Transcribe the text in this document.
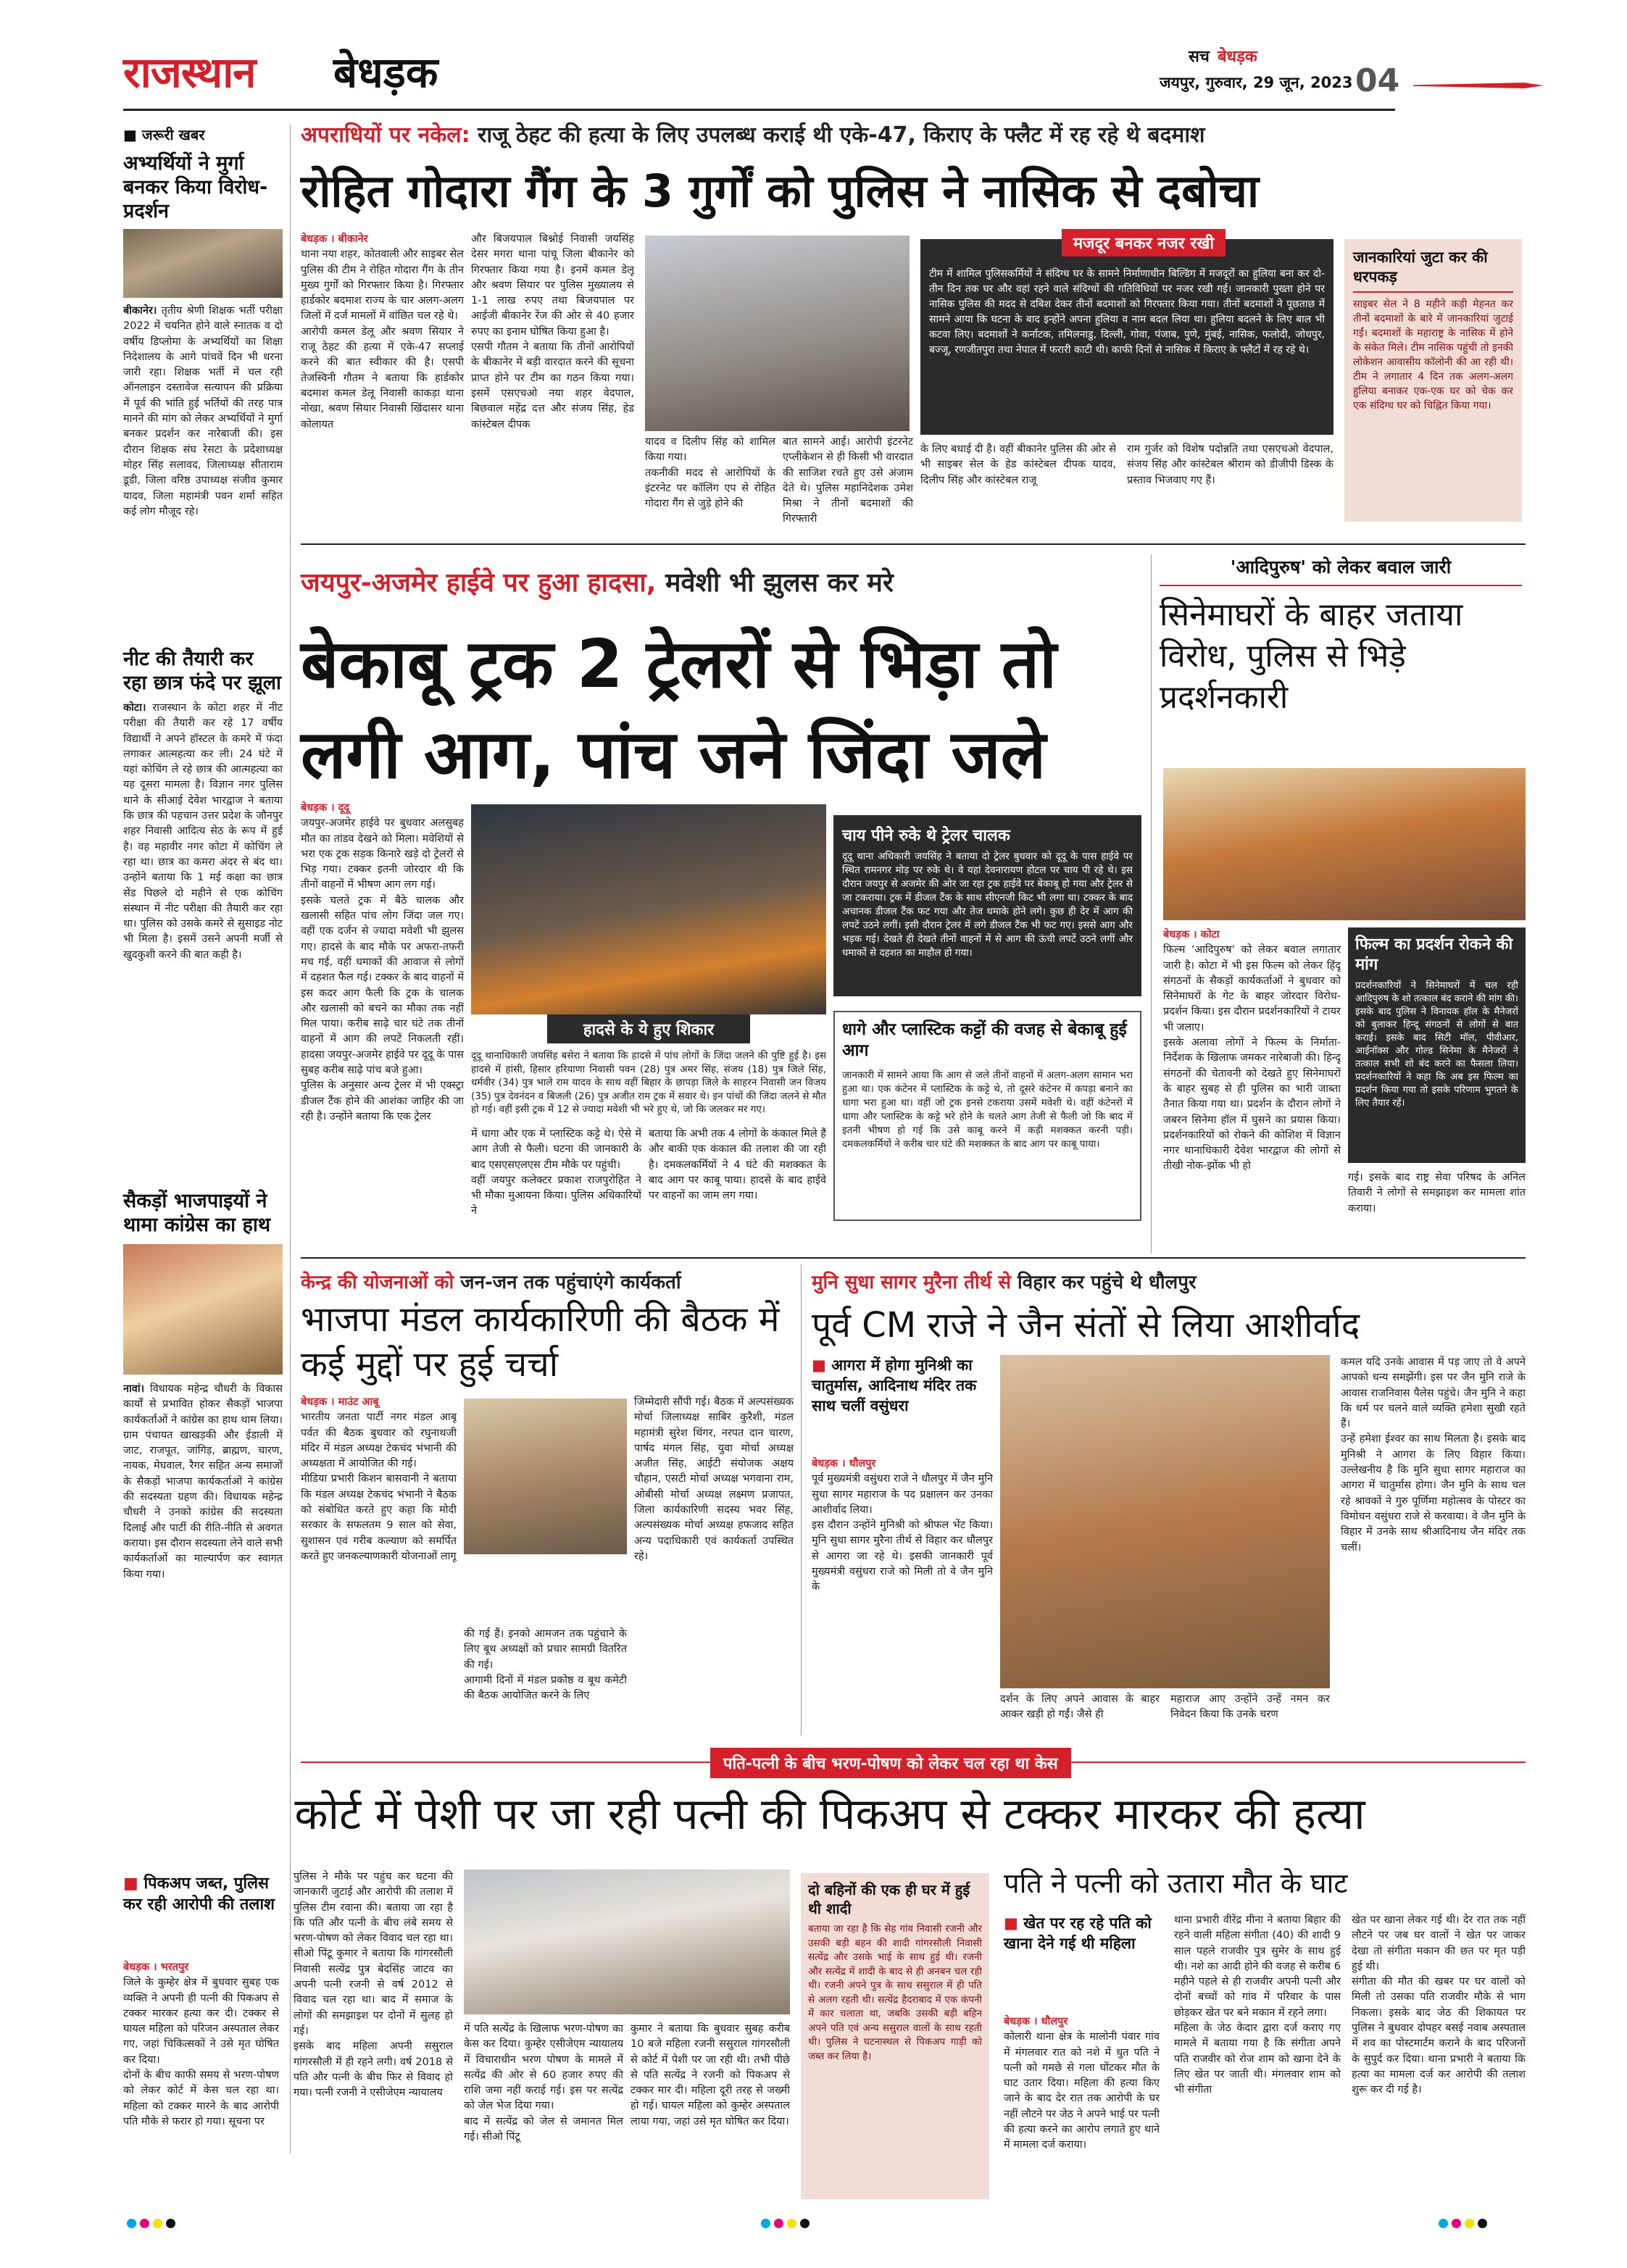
राजस्थान बेधड़क	सच बेधड़क
जयपुर, गुरुवार, 29 जून, 2023 04
■ जरूरी खबर
अभ्यर्थियों ने मुर्गा बनकर किया विरोध-प्रदर्शन
बीकानेर। तृतीय श्रेणी शिक्षक भर्ती परीक्षा 2022 में चयनित होने वाले स्नातक व दो वर्षीय डिप्लोमा के अभ्यर्थियों का शिक्षा निदेशालय के आगे पांचवें दिन भी धरना जारी रहा। शिक्षक भर्ती में चल रही ऑनलाइन दस्तावेज सत्यापन की प्रक्रिया में पूर्व की भांति हुई भर्तियों की तरह पात्र मानने की मांग को लेकर अभ्यर्थियों ने मुर्गा बनकर प्रदर्शन कर नारेबाजी की। इस दौरान शिक्षक संघ रेसटा के प्रदेशाध्यक्ष मोहर सिंह सलावद, जिलाध्यक्ष सीताराम डूडी, जिला वरिष्ठ उपाध्यक्ष संजीव कुमार यादव, जिला महामंत्री पवन शर्मा सहित कई लोग मौजूद रहे।
नीट की तैयारी कर रहा छात्र फंदे पर झूला
कोटा। राजस्थान के कोटा शहर में नीट परीक्षा की तैयारी कर रहे 17 वर्षीय विद्यार्थी ने अपने हॉस्टल के कमरे में फंदा लगाकर आत्महत्या कर ली। 24 घंटे में यहां कोचिंग ले रहे छात्र की आत्महत्या का यह दूसरा मामला है। विज्ञान नगर पुलिस थाने के सीआई देवेश भारद्वाज ने बताया कि छात्र की पहचान उत्तर प्रदेश के जौनपुर शहर निवासी आदित्य सेठ के रूप में हुई है। वह महावीर नगर कोटा में कोचिंग ले रहा था। छात्र का कमरा अंदर से बंद था। उन्होंने बताया कि 1 मई कक्षा का छात्र सेंड पिछले दो महीने से एक कोचिंग संस्थान में नीट परीक्षा की तैयारी कर रहा था। पुलिस को उसके कमरे से सुसाइड नोट भी मिला है। इसमें उसने अपनी मर्जी से खुदकुशी करने की बात कही है।
सैकड़ों भाजपाइयों ने थामा कांग्रेस का हाथ
नावां। विधायक महेन्द्र चौधरी के विकास कार्यों से प्रभावित होकर सैकड़ों भाजपा कार्यकर्ताओं ने कांग्रेस का हाथ थाम लिया। ग्राम पंचायत खाखड़की और ईडाली में जाट, राजपूत, जांगिड़, ब्राह्मण, चारण, नायक, मेघवाल, रैगर सहित अन्य समाजों के सैकड़ों भाजपा कार्यकर्ताओं ने कांग्रेस की सदस्यता ग्रहण की। विधायक महेन्द्र चौधरी ने उनको कांग्रेस की सदस्यता दिलाई और पार्टी की रीति-नीति से अवगत कराया। इस दौरान सदस्यता लेने वाले सभी कार्यकर्ताओं का माल्यार्पण कर स्वागत किया गया।
अपराधियों पर नकेल: राजू ठेहट की हत्या के लिए उपलब्ध कराई थी एके-47, किराए के फ्लैट में रह रहे थे बदमाश
रोहित गोदारा गैंग के 3 गुर्गों को पुलिस ने नासिक से दबोचा
बेधड़क । बीकानेर
थाना नया शहर, कोतवाली और साइबर सेल पुलिस की टीम ने रोहित गोदारा गैंग के तीन मुख्य गुर्गों को गिरफ्तार किया है। गिरफ्तार हार्डकोर बदमाश राज्य के चार अलग-अलग जिलों में दर्ज मामलों में वांछित चल रहे थे।
आरोपी कमल डेलू और श्रवण सियार ने राजू ठेहट की हत्या में एके-47 सप्लाई करने की बात स्वीकार की है। एसपी तेजस्विनी गौतम ने बताया कि हार्डकोर बदमाश कमल डेलू निवासी काकड़ा थाना नोखा, श्रवण सियार निवासी खिंदासर थाना कोलायत
और बिजयपाल बिश्नोई निवासी जयसिंह देसर मगरा थाना पांचू जिला बीकानेर को गिरफ्तार किया गया है। इनमें कमल डेलू और श्रवण सियार पर पुलिस मुख्यालय से 1-1 लाख रुपए तथा बिजयपाल पर आईजी बीकानेर रेंज की ओर से 40 हजार रुपए का इनाम घोषित किया हुआ है।
एसपी गौतम ने बताया कि तीनों आरोपियों के बीकानेर में बड़ी वारदात करने की सूचना प्राप्त होने पर टीम का गठन किया गया। इसमें एसएचओ नया शहर वेदपाल, बिछवाल महेंद्र दत्त और संजय सिंह, हेड कांस्टेबल दीपक
यादव व दिलीप सिंह को शामिल किया गया।
तकनीकी मदद से आरोपियों के इंटरनेट पर कॉलिंग एप से रोहित गोदारा गैंग से जुड़े होने की
बात सामने आई। आरोपी इंटरनेट एप्लीकेशन से ही किसी भी वारदात की साजिश रचते हुए उसे अंजाम देते थे। पुलिस महानिदेशक उमेश मिश्रा ने तीनों बदमाशों की गिरफ्तारी
मजदूर बनकर नजर रखी
टीम में शामिल पुलिसकर्मियों ने संदिग्ध घर के सामने निर्माणाधीन बिल्डिंग में मजदूरों का हुलिया बना कर दो-तीन दिन तक घर और वहां रहने वाले संदिग्धों की गतिविधियों पर नजर रखी गई। जानकारी पुख्ता होने पर नासिक पुलिस की मदद से दबिश देकर तीनों बदमाशों को गिरफ्तार किया गया। तीनों बदमाशों ने पूछताछ में सामने आया कि घटना के बाद इन्होंने अपना हुलिया व नाम बदल लिया था। हुलिया बदलने के लिए बाल भी कटवा लिए। बदमाशों ने कर्नाटक, तमिलनाडु, दिल्ली, गोवा, पंजाब, पुणे, मुंबई, नासिक, फलोदी, जोधपुर, बज्जू, रणजीतपुरा तथा नेपाल में फरारी काटी थी। काफी दिनों से नासिक में किराए के फ्लैटों में रह रहे थे।
के लिए बधाई दी है। वहीं बीकानेर पुलिस की ओर से भी साइबर सेल के हेड कांस्टेबल दीपक यादव, दिलीप सिंह और कांस्टेबल राजू
राम गुर्जर को विशेष पदोन्नति तथा एसएचओ वेदपाल, संजय सिंह और कांस्टेबल श्रीराम को डीजीपी डिस्क के प्रस्ताव भिजवाए गए हैं।
जानकारियां जुटा कर की धरपकड़
साइबर सेल ने 8 महीने कड़ी मेहनत कर तीनों बदमाशों के बारे में जानकारियां जुटाई गईं। बदमाशों के महाराष्ट्र के नासिक में होने के संकेत मिले। टीम नासिक पहुंची तो इनकी लोकेशन आवासीय कॉलोनी की आ रही थी। टीम ने लगातार 4 दिन तक अलग-अलग हुलिया बनाकर एक-एक घर को चेक कर एक संदिग्ध घर को चिह्नित किया गया।
जयपुर-अजमेर हाईवे पर हुआ हादसा, मवेशी भी झुलस कर मरे
बेकाबू ट्रक 2 ट्रेलरों से भिड़ा तो
लगी आग, पांच जने जिंदा जले
बेधड़क । दूदू
जयपुर-अजमेर हाईवे पर बुधवार अलसुबह मौत का तांडव देखने को मिला। मवेशियों से भरा एक ट्रक सड़क किनारे खड़े दो ट्रेलरों से भिड़ गया। टक्कर इतनी जोरदार थी कि तीनों वाहनों में भीषण आग लग गई।
इसके चलते ट्रक में बैठे चालक और खलासी सहित पांच लोग जिंदा जल गए। वहीं एक दर्जन से ज्यादा मवेशी भी झुलस गए। हादसे के बाद मौके पर अफरा-तफरी मच गई, वहीं धमाकों की आवाज से लोगों में दहशत फैल गई। टक्कर के बाद वाहनों में इस कदर आग फैली कि ट्रक के चालक और खलासी को बचने का मौका तक नहीं मिल पाया। करीब साढ़े चार घंटे तक तीनों वाहनों में आग की लपटें निकलती रहीं। हादसा जयपुर-अजमेर हाईवे पर दूदू के पास सुबह करीब साढ़े पांच बजे हुआ।
पुलिस के अनुसार अन्य ट्रेलर में भी एक्स्ट्रा डीजल टैंक होने की आशंका जाहिर की जा रही है। उन्होंने बताया कि एक ट्रेलर
हादसे के ये हुए शिकार
दूदू थानाधिकारी जयसिंह बसेरा ने बताया कि हादसे में पांच लोगों के जिंदा जलने की पुष्टि हुई है। इस हादसे में हांसी, हिसार हरियाणा निवासी पवन (28) पुत्र अमर सिंह, संजय (18) पुत्र जिले सिंह, धर्मवीर (34) पुत्र भाले राम यादव के साथ वहीं बिहार के छापड़ा जिले के साहरन निवासी जन विजय (35) पुत्र देवनंदन व बिजली (26) पुत्र अजीत राम ट्रक में सवार थे। इन पांचों की जिंदा जलने से मौत हो गई। वहीं इसी ट्रक में 12 से ज्यादा मवेशी भी भरे हुए थे, जो कि जलकर मर गए।
में धागा और एक में प्लास्टिक कट्टे थे। ऐसे में आग तेजी से फैली। घटना की जानकारी के बाद एसएसएलएस टीम मौके पर पहुंची।
वहीं जयपुर कलेक्टर प्रकाश राजपुरोहित ने भी मौका मुआयना किया। पुलिस अधिकारियों ने
बताया कि अभी तक 4 लोगों के कंकाल मिले हैं और बाकी एक कंकाल की तलाश की जा रही है। दमकलकर्मियों ने 4 घंटे की मशक्कत के बाद आग पर काबू पाया। हादसे के बाद हाईवे पर वाहनों का जाम लग गया।
चाय पीने रुके थे ट्रेलर चालक
दूदू थाना अधिकारी जयसिंह ने बताया दो ट्रेलर बुधवार को दूदू के पास हाईवे पर स्थित रामनगर मोड़ पर रुके थे। वे यहां देवनारायण होटल पर चाय पी रहे थे। इस दौरान जयपुर से अजमेर की ओर जा रहा ट्रक हाईवे पर बेकाबू हो गया और ट्रेलर से जा टकराया। ट्रक में डीजल टैंक के साथ सीएनजी किट भी लगा था। टक्कर के बाद अचानक डीजल टैंक फट गया और तेज धमाके होने लगे। कुछ ही देर में आग की लपटें उठने लगीं। इसी दौरान ट्रेलर में लगे डीजल टैंक भी फट गए। इससे आग और भड़क गई। देखते ही देखते तीनों वाहनों में से आग की ऊंची लपटें उठने लगीं और धमाकों से दहशत का माहौल हो गया।
धागे और प्लास्टिक कट्टों की वजह से बेकाबू हुई आग
जानकारी में सामने आया कि आग से जले तीनों वाहनों में अलग-अलग सामान भरा हुआ था। एक कंटेनर में प्लास्टिक के कट्टे थे, तो दूसरे कंटेनर में कपड़ा बनाने का धागा भरा हुआ था। वहीं जो ट्रक इनसे टकराया उसमें मवेशी थे। वहीं कंटेनरों में धागा और प्लास्टिक के कट्टे भरे होने के चलते आग तेजी से फैली जो कि बाद में इतनी भीषण हो गई कि उसे काबू करने में कड़ी मशक्कत करनी पड़ी। दमकलकर्मियों ने करीब चार घंटे की मशक्कत के बाद आग पर काबू पाया।
'आदिपुरुष' को लेकर बवाल जारी
सिनेमाघरों के बाहर जताया विरोध, पुलिस से भिड़े प्रदर्शनकारी
बेधड़क । कोटा
फिल्म 'आदिपुरुष' को लेकर बवाल लगातार जारी है। कोटा में भी इस फिल्म को लेकर हिंदू संगठनों के सैकड़ों कार्यकर्ताओं ने बुधवार को सिनेमाघरों के गेट के बाहर जोरदार विरोध-प्रदर्शन किया। इस दौरान प्रदर्शनकारियों ने टायर भी जलाए।
इसके अलावा लोगों ने फिल्म के निर्माता-निर्देशक के खिलाफ जमकर नारेबाजी की। हिन्दू संगठनों की चेतावनी को देखते हुए सिनेमाघरों के बाहर सुबह से ही पुलिस का भारी जाब्ता तैनात किया गया था। प्रदर्शन के दौरान लोगों ने जबरन सिनेमा हॉल में घुसने का प्रयास किया। प्रदर्शनकारियों को रोकने की कोशिश में विज्ञान नगर थानाधिकारी देवेश भारद्वाज की लोगों से तीखी नोक-झोंक भी हो
फिल्म का प्रदर्शन रोकने की मांग
प्रदर्शनकारियों ने सिनेमाघरों में चल रही आदिपुरुष के शो तत्काल बंद कराने की मांग की। इसके बाद पुलिस ने विनायक हॉल के मैनेजरों को बुलाकर हिन्दू संगठनों से लोगों से बात कराई। इसके बाद सिटी मॉल, पीवीआर, आईनॉक्स और गोल्ड सिनेमा के मैनेजरों ने तत्काल सभी शो बंद करने का फैसला लिया। प्रदर्शनकारियों ने कहा कि अब इस फिल्म का प्रदर्शन किया गया तो इसके परिणाम भुगतने के लिए तैयार रहें।
गई। इसके बाद राष्ट्र सेवा परिषद के अनिल तिवारी ने लोगों से समझाइश कर मामला शांत कराया।
केन्द्र की योजनाओं को जन-जन तक पहुंचाएंगे कार्यकर्ता
भाजपा मंडल कार्यकारिणी की बैठक में कई मुद्दों पर हुई चर्चा
बेधड़क । माउंट आबू
भारतीय जनता पार्टी नगर मंडल आबू पर्वत की बैठक बुधवार को रघुनाथजी मंदिर में मंडल अध्यक्ष टेकचंद भंभानी की अध्यक्षता में आयोजित की गई।
मीडिया प्रभारी किशन बासवानी ने बताया कि मंडल अध्यक्ष टेकचंद भंभानी ने बैठक को संबोधित करते हुए कहा कि मोदी सरकार के सफलतम 9 साल को सेवा, सुशासन एवं गरीब कल्याण को समर्पित करते हुए जनकल्याणकारी योजनाओं लागू
की गई हैं। इनको आमजन तक पहुंचाने के लिए बूथ अध्यक्षों को प्रचार सामग्री वितरित की गई।
आगामी दिनों में मंडल प्रकोष्ठ व बूथ कमेटी की बैठक आयोजित करने के लिए
जिम्मेदारी सौंपी गई। बैठक में अल्पसंख्यक मोर्चा जिलाध्यक्ष साबिर कुरैशी, मंडल महामंत्री सुरेश थिंगर, नरपत दान चारण, पार्षद मंगल सिंह, युवा मोर्चा अध्यक्ष अजीत सिंह, आईटी संयोजक अक्षय चौहान, एसटी मोर्चा अध्यक्ष भगवाना राम, ओबीसी मोर्चा अध्यक्ष लक्ष्मण प्रजापत, जिला कार्यकारिणी सदस्य भवर सिंह, अल्पसंख्यक मोर्चा अध्यक्ष हफजाद सहित अन्य पदाधिकारी एवं कार्यकर्ता उपस्थित रहे।
मुनि सुधा सागर मुरैना तीर्थ से विहार कर पहुंचे थे धौलपुर
पूर्व CM राजे ने जैन संतों से लिया आशीर्वाद
■ आगरा में होगा मुनिश्री का चातुर्मास, आदिनाथ मंदिर तक साथ चलीं वसुंधरा
बेधड़क । धौलपुर
पूर्व मुख्यमंत्री वसुंधरा राजे ने धौलपुर में जैन मुनि सुधा सागर महाराज के पद प्रक्षालन कर उनका आशीर्वाद लिया।
इस दौरान उन्होंने मुनिश्री को श्रीफल भेंट किया। मुनि सुधा सागर मुरैना तीर्थ से विहार कर धौलपुर से आगरा जा रहे थे। इसकी जानकारी पूर्व मुख्यमंत्री वसुंधरा राजे को मिली तो वे जैन मुनि के
दर्शन के लिए अपने आवास के बाहर आकर खड़ी हो गईं। जैसे ही
महाराज आए उन्होंने उन्हें नमन कर निवेदन किया कि उनके चरण
कमल यदि उनके आवास में पड़ जाए तो वे अपने आपको धन्य समझेंगी। इस पर जैन मुनि राजे के आवास राजनिवास पैलेस पहुंचे। जैन मुनि ने कहा कि धर्म पर चलने वाले व्यक्ति हमेशा सुखी रहते हैं।
उन्हें हमेशा ईश्वर का साथ मिलता है। इसके बाद मुनिश्री ने आगरा के लिए विहार किया। उल्लेखनीय है कि मुनि सुधा सागर महाराज का आगरा में चातुर्मास होगा। जैन मुनि के साथ चल रहे श्रावकों ने गुरु पूर्णिमा महोत्सव के पोस्टर का विमोचन वसुंधरा राजे से करवाया। वे जैन मुनि के विहार में उनके साथ श्रीआदिनाथ जैन मंदिर तक चलीं।
पति-पत्नी के बीच भरण-पोषण को लेकर चल रहा था केस
कोर्ट में पेशी पर जा रही पत्नी की पिकअप से टक्कर मारकर की हत्या
■ पिकअप जब्त, पुलिस कर रही आरोपी की तलाश
बेधड़क । भरतपुर
जिले के कुम्हेर क्षेत्र में बुधवार सुबह एक व्यक्ति ने अपनी ही पत्नी की पिकअप से टक्कर मारकर हत्या कर दी। टक्कर से घायल महिला को परिजन अस्पताल लेकर गए, जहां चिकित्सकों ने उसे मृत घोषित कर दिया।
दोनों के बीच काफी समय से भरण-पोषण को लेकर कोर्ट में केस चल रहा था। महिला को टक्कर मारने के बाद आरोपी पति मौके से फरार हो गया। सूचना पर
पुलिस ने मौके पर पहुंच कर घटना की जानकारी जुटाई और आरोपी की तलाश में पुलिस टीम रवाना की। बताया जा रहा है कि पति और पत्नी के बीच लंबे समय से भरण-पोषण को लेकर विवाद चल रहा था। सीओ पिंटू कुमार ने बताया कि गांगरसौली निवासी सत्येंद्र पुत्र बेदसिंह जाटव का अपनी पत्नी रजनी से वर्ष 2012 से विवाद चल रहा था। बाद में समाज के लोगों की समझाइश पर दोनों में सुलह हो गई।
इसके बाद महिला अपनी ससुराल गांगरसौली में ही रहने लगी। वर्ष 2018 से पति और पत्नी के बीच फिर से विवाद हो गया। पत्नी रजनी ने एसीजेएम न्यायालय
में पति सत्येंद्र के खिलाफ भरण-पोषण का केस कर दिया। कुम्हेर एसीजेएम न्यायालय में विचाराधीन भरण पोषण के मामले में सत्येंद्र की ओर से 60 हजार रुपए की राशि जमा नहीं कराई गई। इस पर सत्येंद्र को जेल भेज दिया गया।
बाद में सत्येंद्र को जेल से जमानत मिल गई। सीओ पिंटू
कुमार ने बताया कि बुधवार सुबह करीब 10 बजे महिला रजनी ससुराल गांगरसौली से कोर्ट में पेशी पर जा रही थी। तभी पीछे से पति सत्येंद्र ने रजनी को पिकअप से टक्कर मार दी। महिला दूरी तरह से जख्मी हो गई। घायल महिला को कुम्हेर अस्पताल लाया गया, जहां उसे मृत घोषित कर दिया।
दो बहिनों की एक ही घर में हुई थी शादी
बताया जा रहा है कि सेह गांव निवासी रजनी और उसकी बड़ी बहन की शादी गांगरसौली निवासी सत्येंद्र और उसके भाई के साथ हुई थी। रजनी और सत्येंद्र में शादी के बाद से ही अनबन चल रही थी। रजनी अपने पुत्र के साथ ससुराल में ही पति से अलग रहती थी। सत्येंद्र हैदराबाद में एक कंपनी में कार चलाता था, जबकि उसकी बड़ी बहिन अपने पति एवं अन्य ससुराल वालों के साथ रहती थी। पुलिस ने घटनास्थल से पिकअप गाड़ी को जब्त कर लिया है।
पति ने पत्नी को उतारा मौत के घाट
■ खेत पर रह रहे पति को खाना देने गई थी महिला
बेधड़क । धौलपुर
कोलारी थाना क्षेत्र के मालोनी पंवार गांव में मंगलवार रात को नशे में धुत पति ने पत्नी को गमछे से गला घोंटकर मौत के घाट उतार दिया। महिला की हत्या किए जाने के बाद देर रात तक आरोपी के घर नहीं लौटने पर जेठ ने अपने भाई पर पत्नी की हत्या करने का आरोप लगाते हुए थाने में मामला दर्ज कराया।
थाना प्रभारी वीरेंद्र मीना ने बताया बिहार की रहने वाली महिला संगीता (40) की शादी 9 साल पहले राजवीर पुत्र सुमेर के साथ हुई थी। नशे का आदी होने की वजह से करीब 6 महीने पहले से ही राजवीर अपनी पत्नी और दोनों बच्चों को गांव में परिवार के पास छोड़कर खेत पर बने मकान में रहने लगा।
महिला के जेठ केदार द्वारा दर्ज कराए गए मामले में बताया गया है कि संगीता अपने पति राजवीर को रोज शाम को खाना देने के लिए खेत पर जाती थी। मंगलवार शाम को भी संगीता
खेत पर खाना लेकर गई थी। देर रात तक नहीं लौटने पर जब घर वालों ने खेत पर जाकर देखा तो संगीता मकान की छत पर मृत पड़ी हुई थी।
संगीता की मौत की खबर पर घर वालों को मिली तो उसका पति राजवीर मौके से भाग निकला। इसके बाद जेठ की शिकायत पर पुलिस ने बुधवार दोपहर बसई नवाब अस्पताल में शव का पोस्टमार्टम कराने के बाद परिजनों के सुपुर्द कर दिया। थाना प्रभारी ने बताया कि हत्या का मामला दर्ज कर आरोपी की तलाश शुरू कर दी गई है।
